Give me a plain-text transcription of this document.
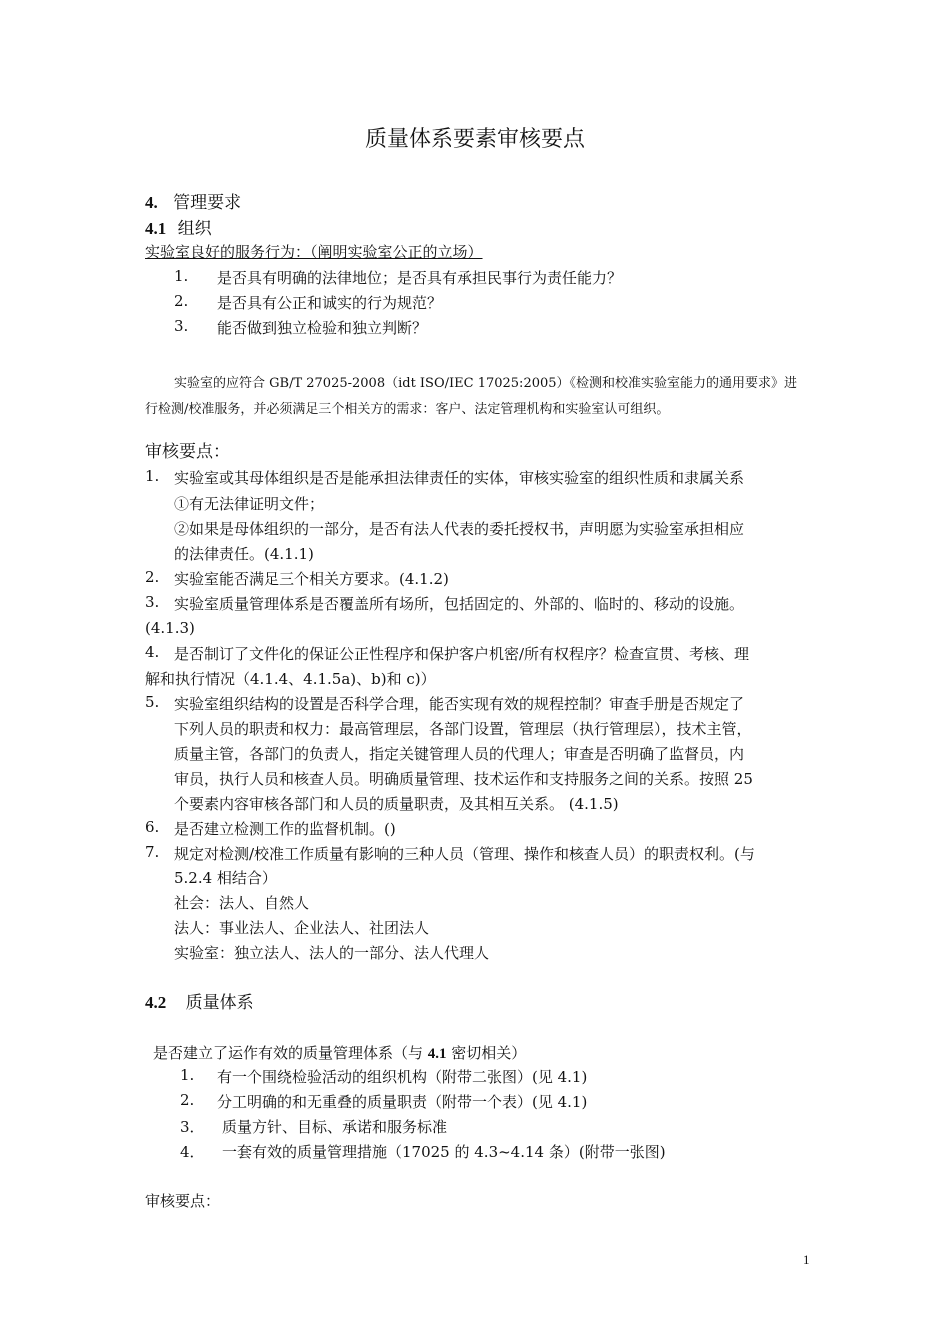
质量体系要素审核要点
4. 管理要求
4.1 组织
实验室良好的服务行为：（阐明实验室公正的立场）
1. 是否具有明确的法律地位；是否具有承担民事行为责任能力？
2. 是否具有公正和诚实的行为规范？
3. 能否做到独立检验和独立判断？
实验室的应符合 GB/T 27025-2008（idt ISO/IEC 17025:2005）《检测和校准实验室能力的通用要求》进
行检测/校准服务，并必须满足三个相关方的需求：客户、法定管理机构和实验室认可组织。
审核要点：
1. 实验室或其母体组织是否是能承担法律责任的实体，审核实验室的组织性质和隶属关系
①有无法律证明文件；
②如果是母体组织的一部分，是否有法人代表的委托授权书，声明愿为实验室承担相应
的法律责任。(4.1.1)
2. 实验室能否满足三个相关方要求。(4.1.2)
3. 实验室质量管理体系是否覆盖所有场所，包括固定的、外部的、临时的、移动的设施。
(4.1.3)
4. 是否制订了文件化的保证公正性程序和保护客户机密/所有权程序？检查宣贯、考核、理
解和执行情况（4.1.4、4.1.5a)、b)和 c)）
5. 实验室组织结构的设置是否科学合理，能否实现有效的规程控制？审查手册是否规定了
下列人员的职责和权力：最高管理层，各部门设置，管理层（执行管理层），技术主管，
质量主管，各部门的负责人，指定关键管理人员的代理人；审查是否明确了监督员，内
审员，执行人员和核查人员。明确质量管理、技术运作和支持服务之间的关系。按照 25
个要素内容审核各部门和人员的质量职责，及其相互关系。 (4.1.5)
6. 是否建立检测工作的监督机制。()
7. 规定对检测/校准工作质量有影响的三种人员（管理、操作和核查人员）的职责权利。(与
5.2.4 相结合）
社会：法人、自然人
法人：事业法人、企业法人、社团法人
实验室：独立法人、法人的一部分、法人代理人
4.2 质量体系
是否建立了运作有效的质量管理体系（与 4.1 密切相关）
1. 有一个围绕检验活动的组织机构（附带二张图）(见 4.1)
2. 分工明确的和无重叠的质量职责（附带一个表）(见 4.1)
3． 质量方针、目标、承诺和服务标准
4． 一套有效的质量管理措施（17025 的 4.3~4.14 条）(附带一张图)
审核要点：
1
